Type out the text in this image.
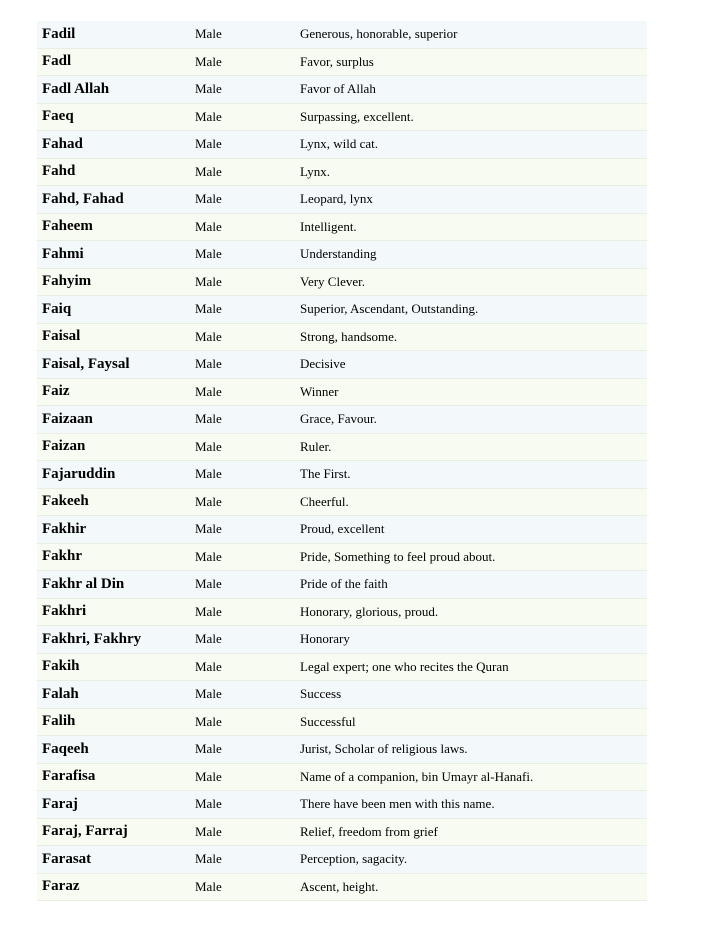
Fadil	Male	Generous, honorable, superior
Fadl	Male	Favor, surplus
Fadl Allah	Male	Favor of Allah
Faeq	Male	Surpassing, excellent.
Fahad	Male	Lynx, wild cat.
Fahd	Male	Lynx.
Fahd, Fahad	Male	Leopard, lynx
Faheem	Male	Intelligent.
Fahmi	Male	Understanding
Fahyim	Male	Very Clever.
Faiq	Male	Superior, Ascendant, Outstanding.
Faisal	Male	Strong, handsome.
Faisal, Faysal	Male	Decisive
Faiz	Male	Winner
Faizaan	Male	Grace, Favour.
Faizan	Male	Ruler.
Fajaruddin	Male	The First.
Fakeeh	Male	Cheerful.
Fakhir	Male	Proud, excellent
Fakhr	Male	Pride, Something to feel proud about.
Fakhr al Din	Male	Pride of the faith
Fakhri	Male	Honorary, glorious, proud.
Fakhri, Fakhry	Male	Honorary
Fakih	Male	Legal expert; one who recites the Quran
Falah	Male	Success
Falih	Male	Successful
Faqeeh	Male	Jurist, Scholar of religious laws.
Farafisa	Male	Name of a companion, bin Umayr al-Hanafi.
Faraj	Male	There have been men with this name.
Faraj, Farraj	Male	Relief, freedom from grief
Farasat	Male	Perception, sagacity.
Faraz	Male	Ascent, height.
